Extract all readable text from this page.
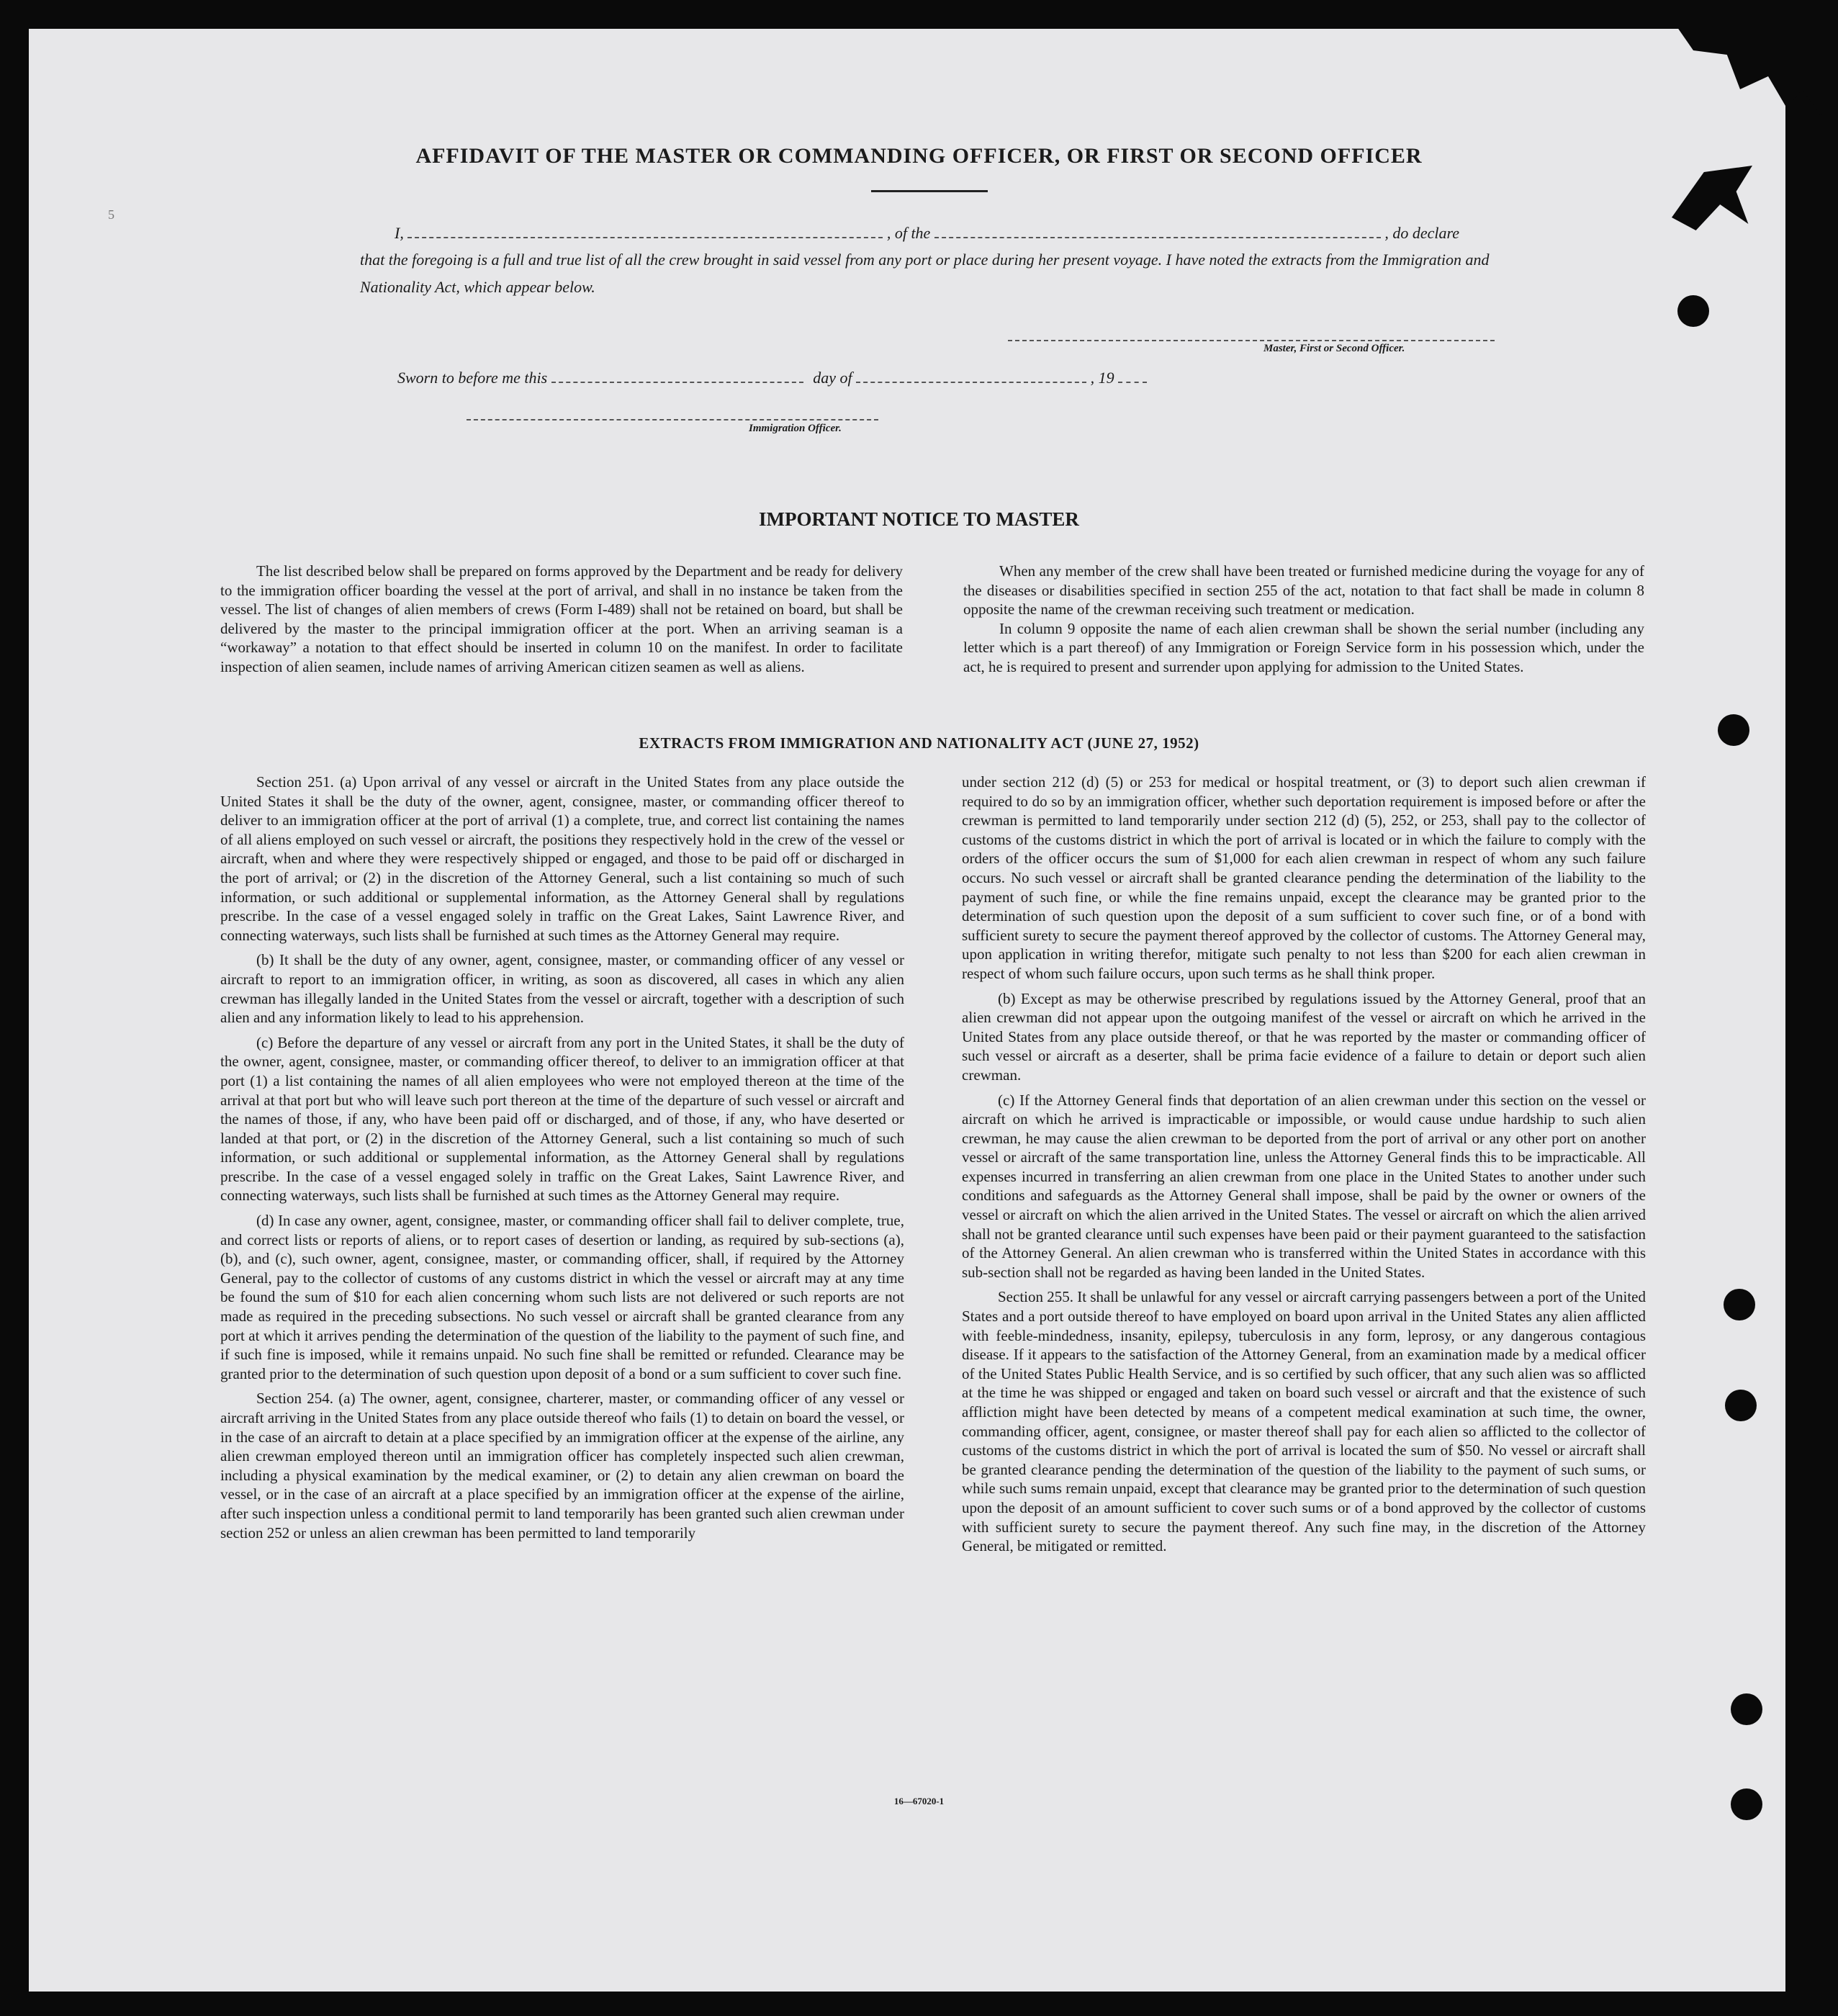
5
AFFIDAVIT OF THE MASTER OR COMMANDING OFFICER, OR FIRST OR SECOND OFFICER
I,	, of the	, do declare
that the foregoing is a full and true list of all the crew brought in said vessel from any port or place during her present voyage. I have noted the extracts from the Immigration and Nationality Act, which appear below.
Master, First or Second Officer.
Sworn to before me this	day of	, 19
Immigration Officer.
IMPORTANT NOTICE TO MASTER

The list described below shall be prepared on forms approved by the Department and be ready for delivery to the immigration officer boarding the vessel at the port of arrival, and shall in no instance be taken from the vessel. The list of changes of alien members of crews (Form I-489) shall not be retained on board, but shall be delivered by the master to the principal immigration officer at the port. When an arriving seaman is a “workaway” a notation to that effect should be inserted in column 10 on the manifest. In order to facilitate inspection of alien seamen, include names of arriving American citizen seamen as well as aliens.

When any member of the crew shall have been treated or furnished medicine during the voyage for any of the diseases or disabilities specified in section 255 of the act, notation to that fact shall be made in column 8 opposite the name of the crewman receiving such treatment or medication.

In column 9 opposite the name of each alien crewman shall be shown the serial number (including any letter which is a part thereof) of any Immigration or Foreign Service form in his possession which, under the act, he is required to present and surrender upon applying for admission to the United States.

EXTRACTS FROM IMMIGRATION AND NATIONALITY ACT (JUNE 27, 1952)

Section 251. (a) Upon arrival of any vessel or aircraft in the United States from any place outside the United States it shall be the duty of the owner, agent, consignee, master, or commanding officer thereof to deliver to an immigration officer at the port of arrival (1) a complete, true, and correct list containing the names of all aliens employed on such vessel or aircraft, the positions they respectively hold in the crew of the vessel or aircraft, when and where they were respectively shipped or engaged, and those to be paid off or discharged in the port of arrival; or (2) in the discretion of the Attorney General, such a list containing so much of such information, or such additional or supplemental information, as the Attorney General shall by regulations prescribe. In the case of a vessel engaged solely in traffic on the Great Lakes, Saint Lawrence River, and connecting waterways, such lists shall be furnished at such times as the Attorney General may require.

(b) It shall be the duty of any owner, agent, consignee, master, or commanding officer of any vessel or aircraft to report to an immigration officer, in writing, as soon as discovered, all cases in which any alien crewman has illegally landed in the United States from the vessel or aircraft, together with a description of such alien and any information likely to lead to his apprehension.

(c) Before the departure of any vessel or aircraft from any port in the United States, it shall be the duty of the owner, agent, consignee, master, or commanding officer thereof, to deliver to an immigration officer at that port (1) a list containing the names of all alien employees who were not employed thereon at the time of the arrival at that port but who will leave such port thereon at the time of the departure of such vessel or aircraft and the names of those, if any, who have been paid off or discharged, and of those, if any, who have deserted or landed at that port, or (2) in the discretion of the Attorney General, such a list containing so much of such information, or such additional or supplemental information, as the Attorney General shall by regulations prescribe. In the case of a vessel engaged solely in traffic on the Great Lakes, Saint Lawrence River, and connecting waterways, such lists shall be furnished at such times as the Attorney General may require.

(d) In case any owner, agent, consignee, master, or commanding officer shall fail to deliver complete, true, and correct lists or reports of aliens, or to report cases of desertion or landing, as required by sub-sections (a), (b), and (c), such owner, agent, consignee, master, or commanding officer, shall, if required by the Attorney General, pay to the collector of customs of any customs district in which the vessel or aircraft may at any time be found the sum of $10 for each alien concerning whom such lists are not delivered or such reports are not made as required in the preceding subsections. No such vessel or aircraft shall be granted clearance from any port at which it arrives pending the determination of the question of the liability to the payment of such fine, and if such fine is imposed, while it remains unpaid. No such fine shall be remitted or refunded. Clearance may be granted prior to the determination of such question upon deposit of a bond or a sum sufficient to cover such fine.

Section 254. (a) The owner, agent, consignee, charterer, master, or commanding officer of any vessel or aircraft arriving in the United States from any place outside thereof who fails (1) to detain on board the vessel, or in the case of an aircraft to detain at a place specified by an immigration officer at the expense of the airline, any alien crewman employed thereon until an immigration officer has completely inspected such alien crewman, including a physical examination by the medical examiner, or (2) to detain any alien crewman on board the vessel, or in the case of an aircraft at a place specified by an immigration officer at the expense of the airline, after such inspection unless a conditional permit to land temporarily has been granted such alien crewman under section 252 or unless an alien crewman has been permitted to land temporarily

under section 212 (d) (5) or 253 for medical or hospital treatment, or (3) to deport such alien crewman if required to do so by an immigration officer, whether such deportation requirement is imposed before or after the crewman is permitted to land temporarily under section 212 (d) (5), 252, or 253, shall pay to the collector of customs of the customs district in which the port of arrival is located or in which the failure to comply with the orders of the officer occurs the sum of $1,000 for each alien crewman in respect of whom any such failure occurs. No such vessel or aircraft shall be granted clearance pending the determination of the liability to the payment of such fine, or while the fine remains unpaid, except the clearance may be granted prior to the determination of such question upon the deposit of a sum sufficient to cover such fine, or of a bond with sufficient surety to secure the payment thereof approved by the collector of customs. The Attorney General may, upon application in writing therefor, mitigate such penalty to not less than $200 for each alien crewman in respect of whom such failure occurs, upon such terms as he shall think proper.

(b) Except as may be otherwise prescribed by regulations issued by the Attorney General, proof that an alien crewman did not appear upon the outgoing manifest of the vessel or aircraft on which he arrived in the United States from any place outside thereof, or that he was reported by the master or commanding officer of such vessel or aircraft as a deserter, shall be prima facie evidence of a failure to detain or deport such alien crewman.

(c) If the Attorney General finds that deportation of an alien crewman under this section on the vessel or aircraft on which he arrived is impracticable or impossible, or would cause undue hardship to such alien crewman, he may cause the alien crewman to be deported from the port of arrival or any other port on another vessel or aircraft of the same transportation line, unless the Attorney General finds this to be impracticable. All expenses incurred in transferring an alien crewman from one place in the United States to another under such conditions and safeguards as the Attorney General shall impose, shall be paid by the owner or owners of the vessel or aircraft on which the alien arrived in the United States. The vessel or aircraft on which the alien arrived shall not be granted clearance until such expenses have been paid or their payment guaranteed to the satisfaction of the Attorney General. An alien crewman who is transferred within the United States in accordance with this sub-section shall not be regarded as having been landed in the United States.

Section 255. It shall be unlawful for any vessel or aircraft carrying passengers between a port of the United States and a port outside thereof to have employed on board upon arrival in the United States any alien afflicted with feeble-mindedness, insanity, epilepsy, tuberculosis in any form, leprosy, or any dangerous contagious disease. If it appears to the satisfaction of the Attorney General, from an examination made by a medical officer of the United States Public Health Service, and is so certified by such officer, that any such alien was so afflicted at the time he was shipped or engaged and taken on board such vessel or aircraft and that the existence of such affliction might have been detected by means of a competent medical examination at such time, the owner, commanding officer, agent, consignee, or master thereof shall pay for each alien so afflicted to the collector of customs of the customs district in which the port of arrival is located the sum of $50. No vessel or aircraft shall be granted clearance pending the determination of the question of the liability to the payment of such sums, or while such sums remain unpaid, except that clearance may be granted prior to the determination of such question upon the deposit of an amount sufficient to cover such sums or of a bond approved by the collector of customs with sufficient surety to secure the payment thereof. Any such fine may, in the discretion of the Attorney General, be mitigated or remitted.

16—67020-1
